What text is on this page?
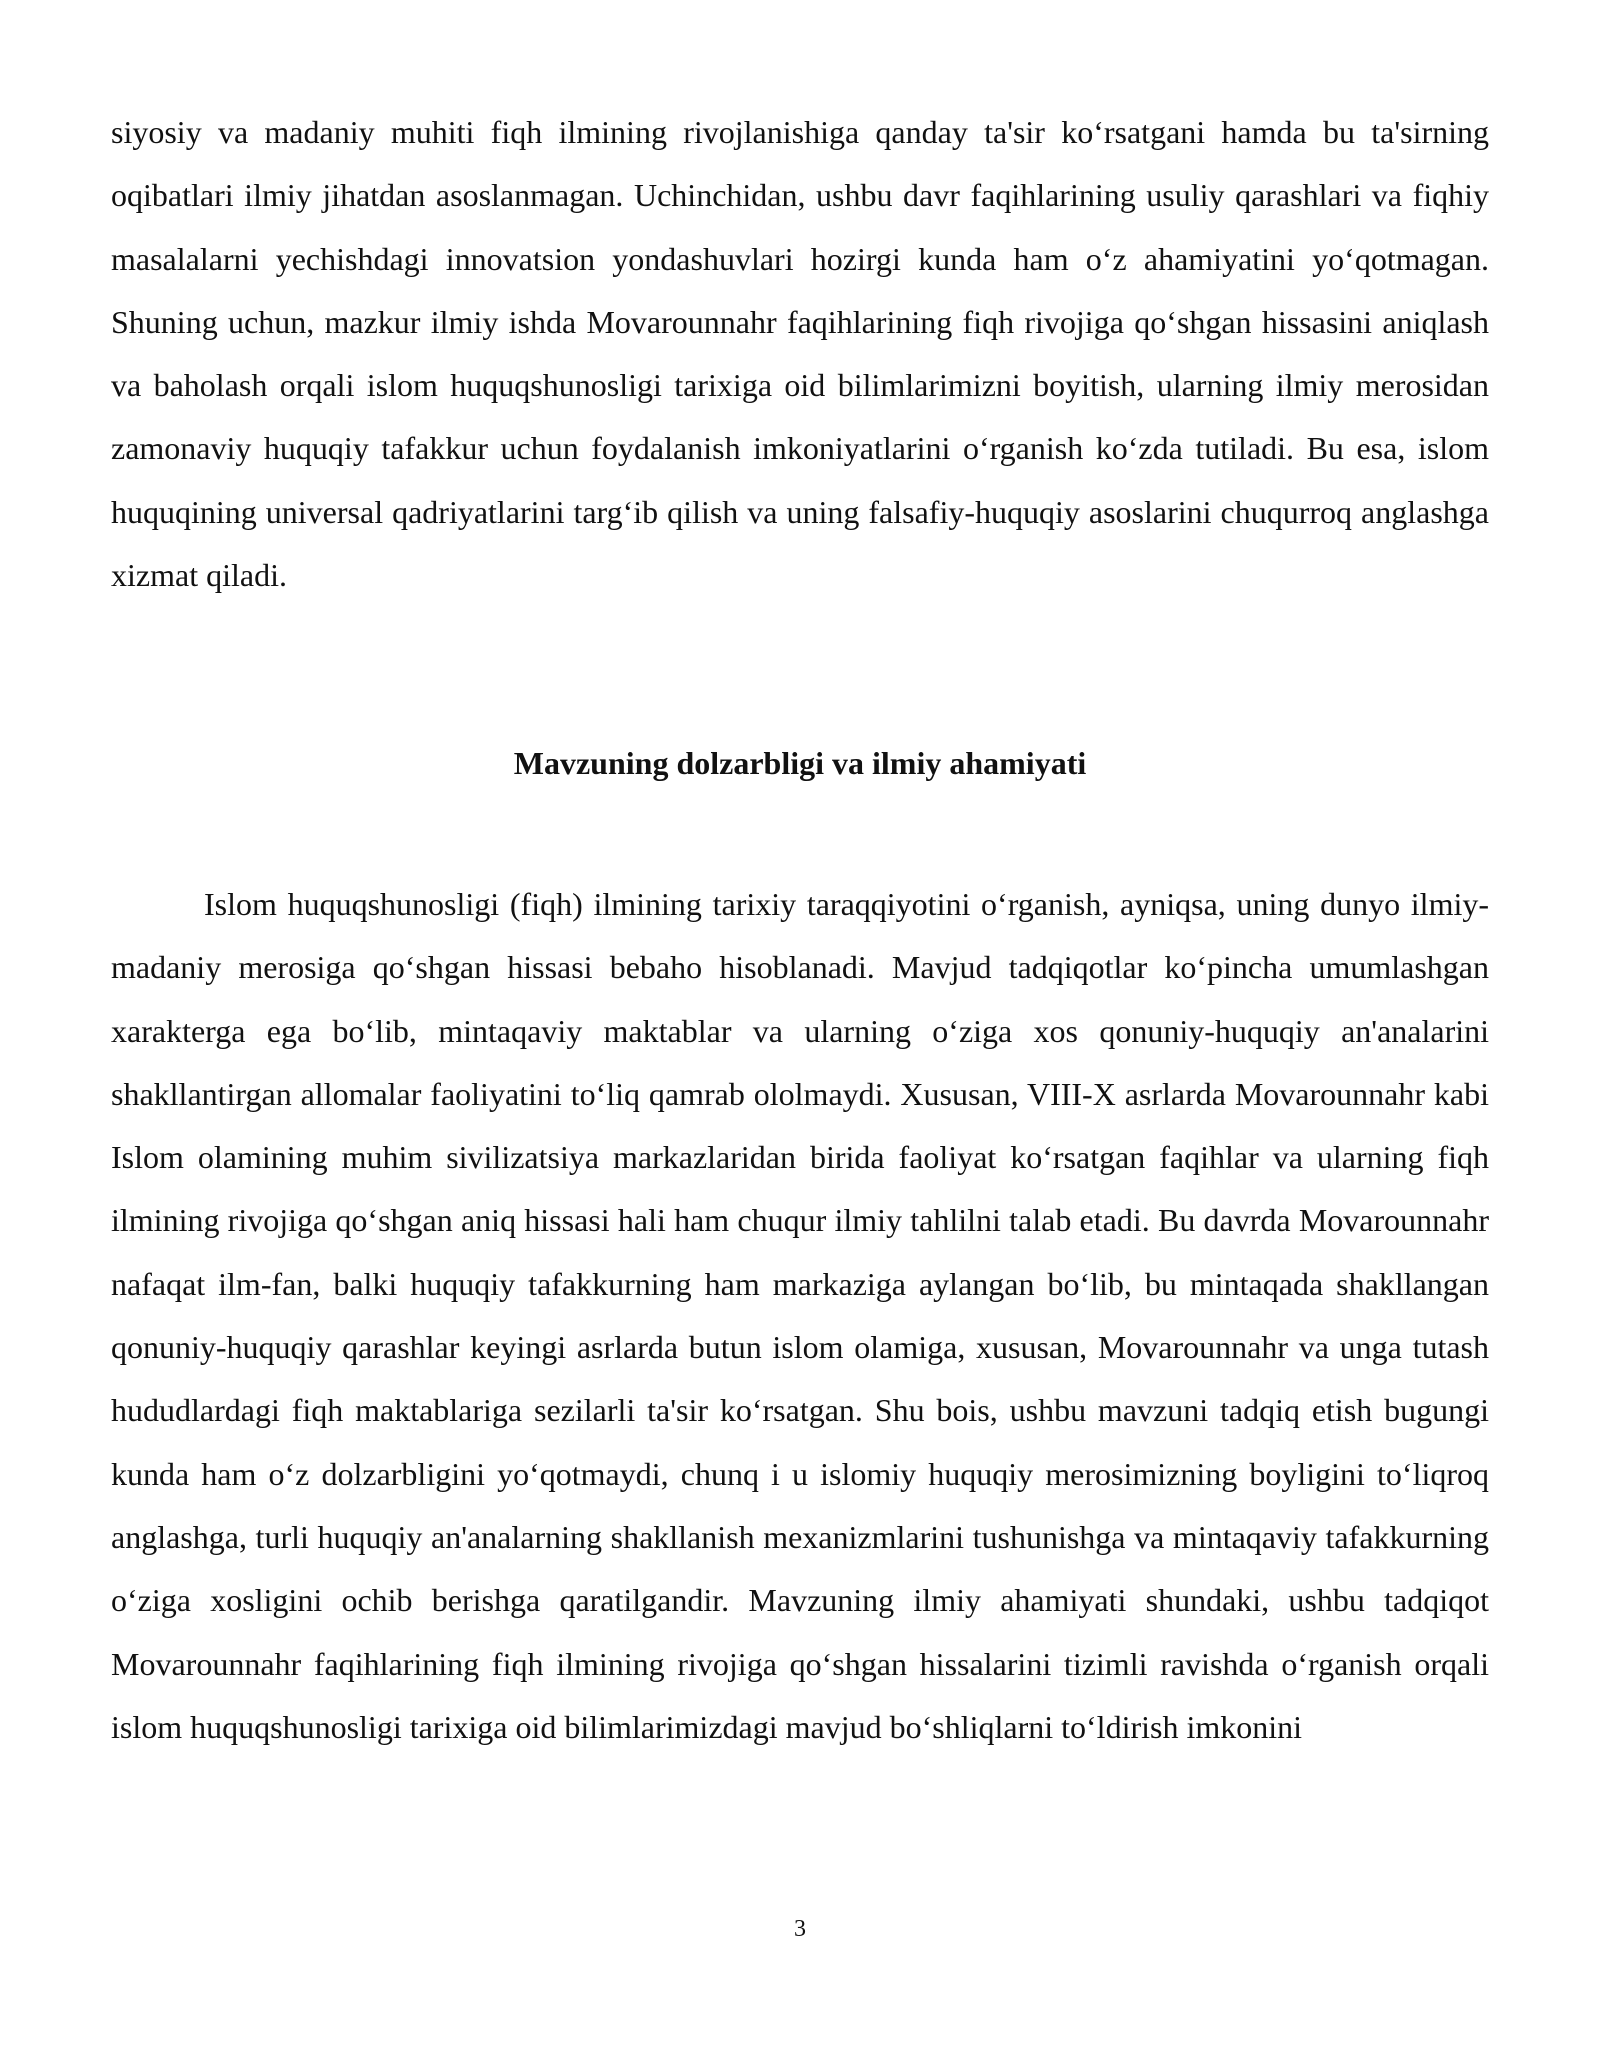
siyosiy va madaniy muhiti fiqh ilmining rivojlanishiga qanday ta'sir ko‘rsatgani hamda bu ta'sirning oqibatlari ilmiy jihatdan asoslanmagan. Uchinchidan, ushbu davr faqihlarining usuliy qarashlari va fiqhiy masalalarni yechishdagi innovatsion yondashuvlari hozirgi kunda ham o‘z ahamiyatini yo‘qotmagan. Shuning uchun, mazkur ilmiy ishda Movarounnahr faqihlarining fiqh rivojiga qo‘shgan hissasini aniqlash va baholash orqali islom huquqshunosligi tarixiga oid bilimlarimizni boyitish, ularning ilmiy merosidan zamonaviy huquqiy tafakkur uchun foydalanish imkoniyatlarini o‘rganish ko‘zda tutiladi. Bu esa, islom huquqining universal qadriyatlarini targ‘ib qilish va uning falsafiy-huquqiy asoslarini chuqurroq anglashga xizmat qiladi.

Mavzuning dolzarbligi va ilmiy ahamiyati

Islom huquqshunosligi (fiqh) ilmining tarixiy taraqqiyotini o‘rganish, ayniqsa, uning dunyo ilmiy-madaniy merosiga qo‘shgan hissasi bebaho hisoblanadi. Mavjud tadqiqotlar ko‘pincha umumlashgan xarakterga ega bo‘lib, mintaqaviy maktablar va ularning o‘ziga xos qonuniy-huquqiy an'analarini shakllantirgan allomalar faoliyatini to‘liq qamrab ololmaydi. Xususan, VIII-X asrlarda Movarounnahr kabi Islom olamining muhim sivilizatsiya markazlaridan birida faoliyat ko‘rsatgan faqihlar va ularning fiqh ilmining rivojiga qo‘shgan aniq hissasi hali ham chuqur ilmiy tahlilni talab etadi. Bu davrda Movarounnahr nafaqat ilm-fan, balki huquqiy tafakkurning ham markaziga aylangan bo‘lib, bu mintaqada shakllangan qonuniy-huquqiy qarashlar keyingi asrlarda butun islom olamiga, xususan, Movarounnahr va unga tutash hududlardagi fiqh maktablariga sezilarli ta'sir ko‘rsatgan. Shu bois, ushbu mavzuni tadqiq etish bugungi kunda ham o‘z dolzarbligini yo‘qotmaydi, chunq i u islomiy huquqiy merosimizning boyligini to‘liqroq anglashga, turli huquqiy an'analarning shakllanish mexanizmlarini tushunishga va mintaqaviy tafakkurning o‘ziga xosligini ochib berishga qaratilgandir. Mavzuning ilmiy ahamiyati shundaki, ushbu tadqiqot Movarounnahr faqihlarining fiqh ilmining rivojiga qo‘shgan hissalarini tizimli ravishda o‘rganish orqali islom huquqshunosligi tarixiga oid bilimlarimizdagi mavjud bo‘shliqlarni to‘ldirish imkonini

3
